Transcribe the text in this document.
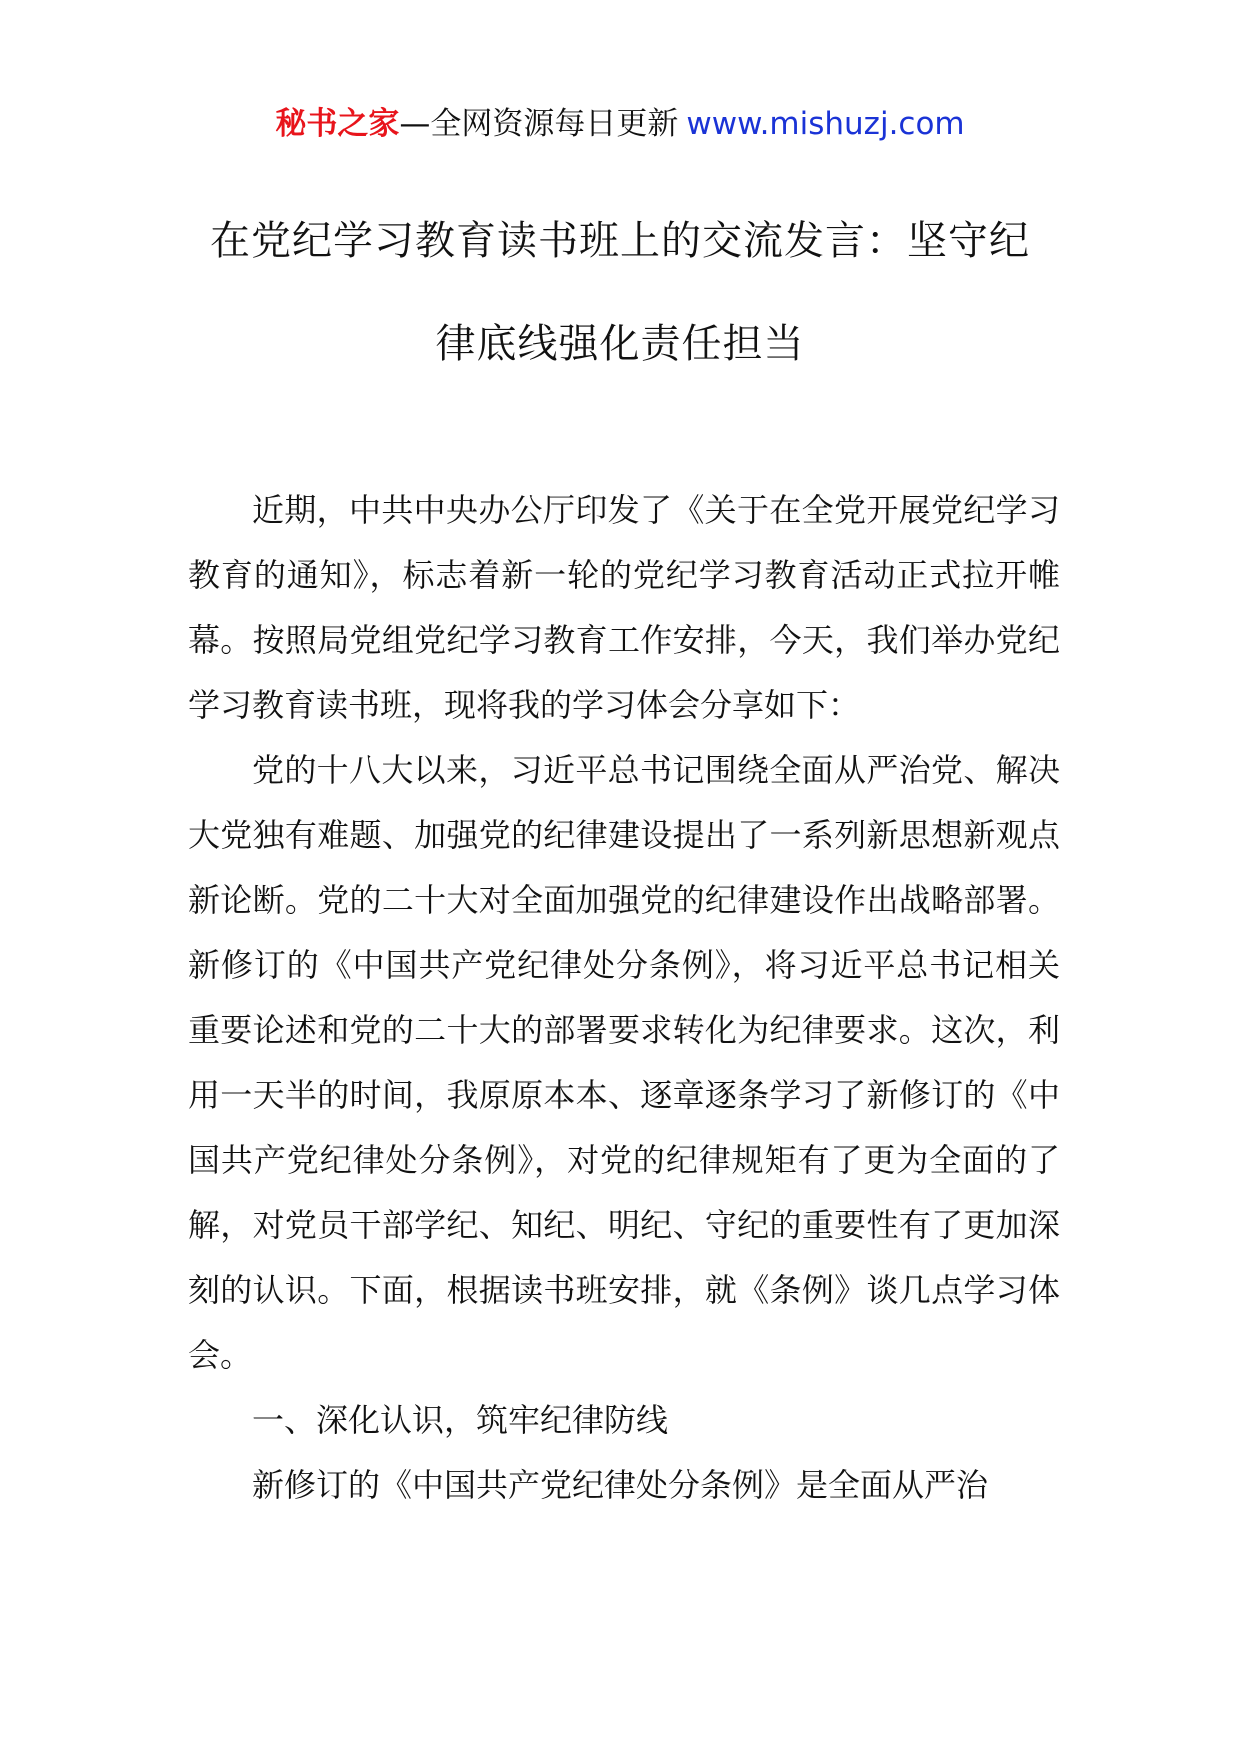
秘书之家—全网资源每日更新 www.mishuzj.com
在党纪学习教育读书班上的交流发言：坚守纪
律底线强化责任担当

近期，中共中央办公厅印发了《关于在全党开展党纪学习教育的通知》，标志着新一轮的党纪学习教育活动正式拉开帷幕。按照局党组党纪学习教育工作安排，今天，我们举办党纪学习教育读书班，现将我的学习体会分享如下：

党的十八大以来，习近平总书记围绕全面从严治党、解决大党独有难题、加强党的纪律建设提出了一系列新思想新观点新论断。党的二十大对全面加强党的纪律建设作出战略部署。新修订的《中国共产党纪律处分条例》，将习近平总书记相关重要论述和党的二十大的部署要求转化为纪律要求。这次，利用一天半的时间，我原原本本、逐章逐条学习了新修订的《中国共产党纪律处分条例》，对党的纪律规矩有了更为全面的了解，对党员干部学纪、知纪、明纪、守纪的重要性有了更加深刻的认识。下面，根据读书班安排，就《条例》谈几点学习体会。

一、深化认识，筑牢纪律防线

新修订的《中国共产党纪律处分条例》是全面从严治
